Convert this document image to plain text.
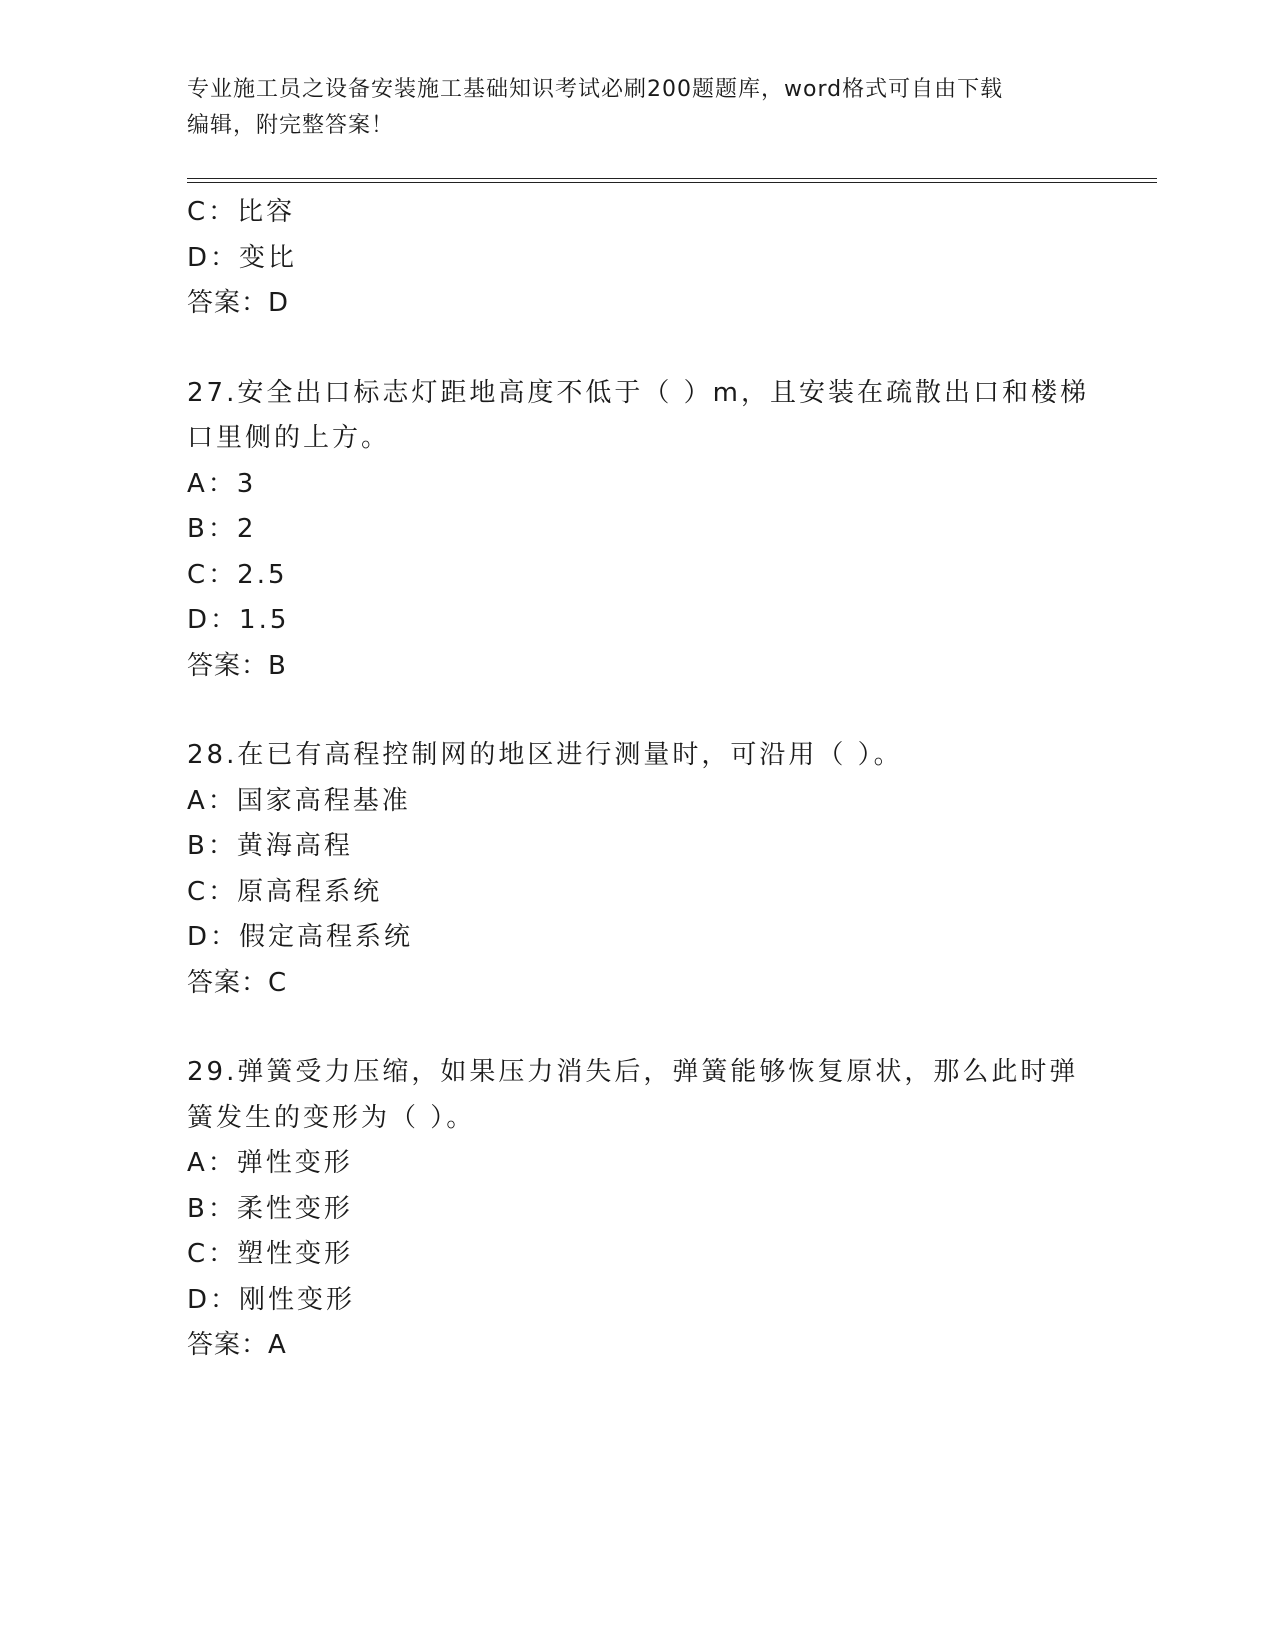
专业施工员之设备安装施工基础知识考试必刷200题题库，word格式可自由下载
编辑，附完整答案！
C：比容
D：变比
答案：D
27.安全出口标志灯距地高度不低于（ ）m，且安装在疏散出口和楼梯
口里侧的上方。
A：3
B：2
C：2.5
D：1.5
答案：B
28.在已有高程控制网的地区进行测量时，可沿用（ ）。
A：国家高程基准
B：黄海高程
C：原高程系统
D：假定高程系统
答案：C
29.弹簧受力压缩，如果压力消失后，弹簧能够恢复原状，那么此时弹
簧发生的变形为（ ）。
A：弹性变形
B：柔性变形
C：塑性变形
D：刚性变形
答案：A
